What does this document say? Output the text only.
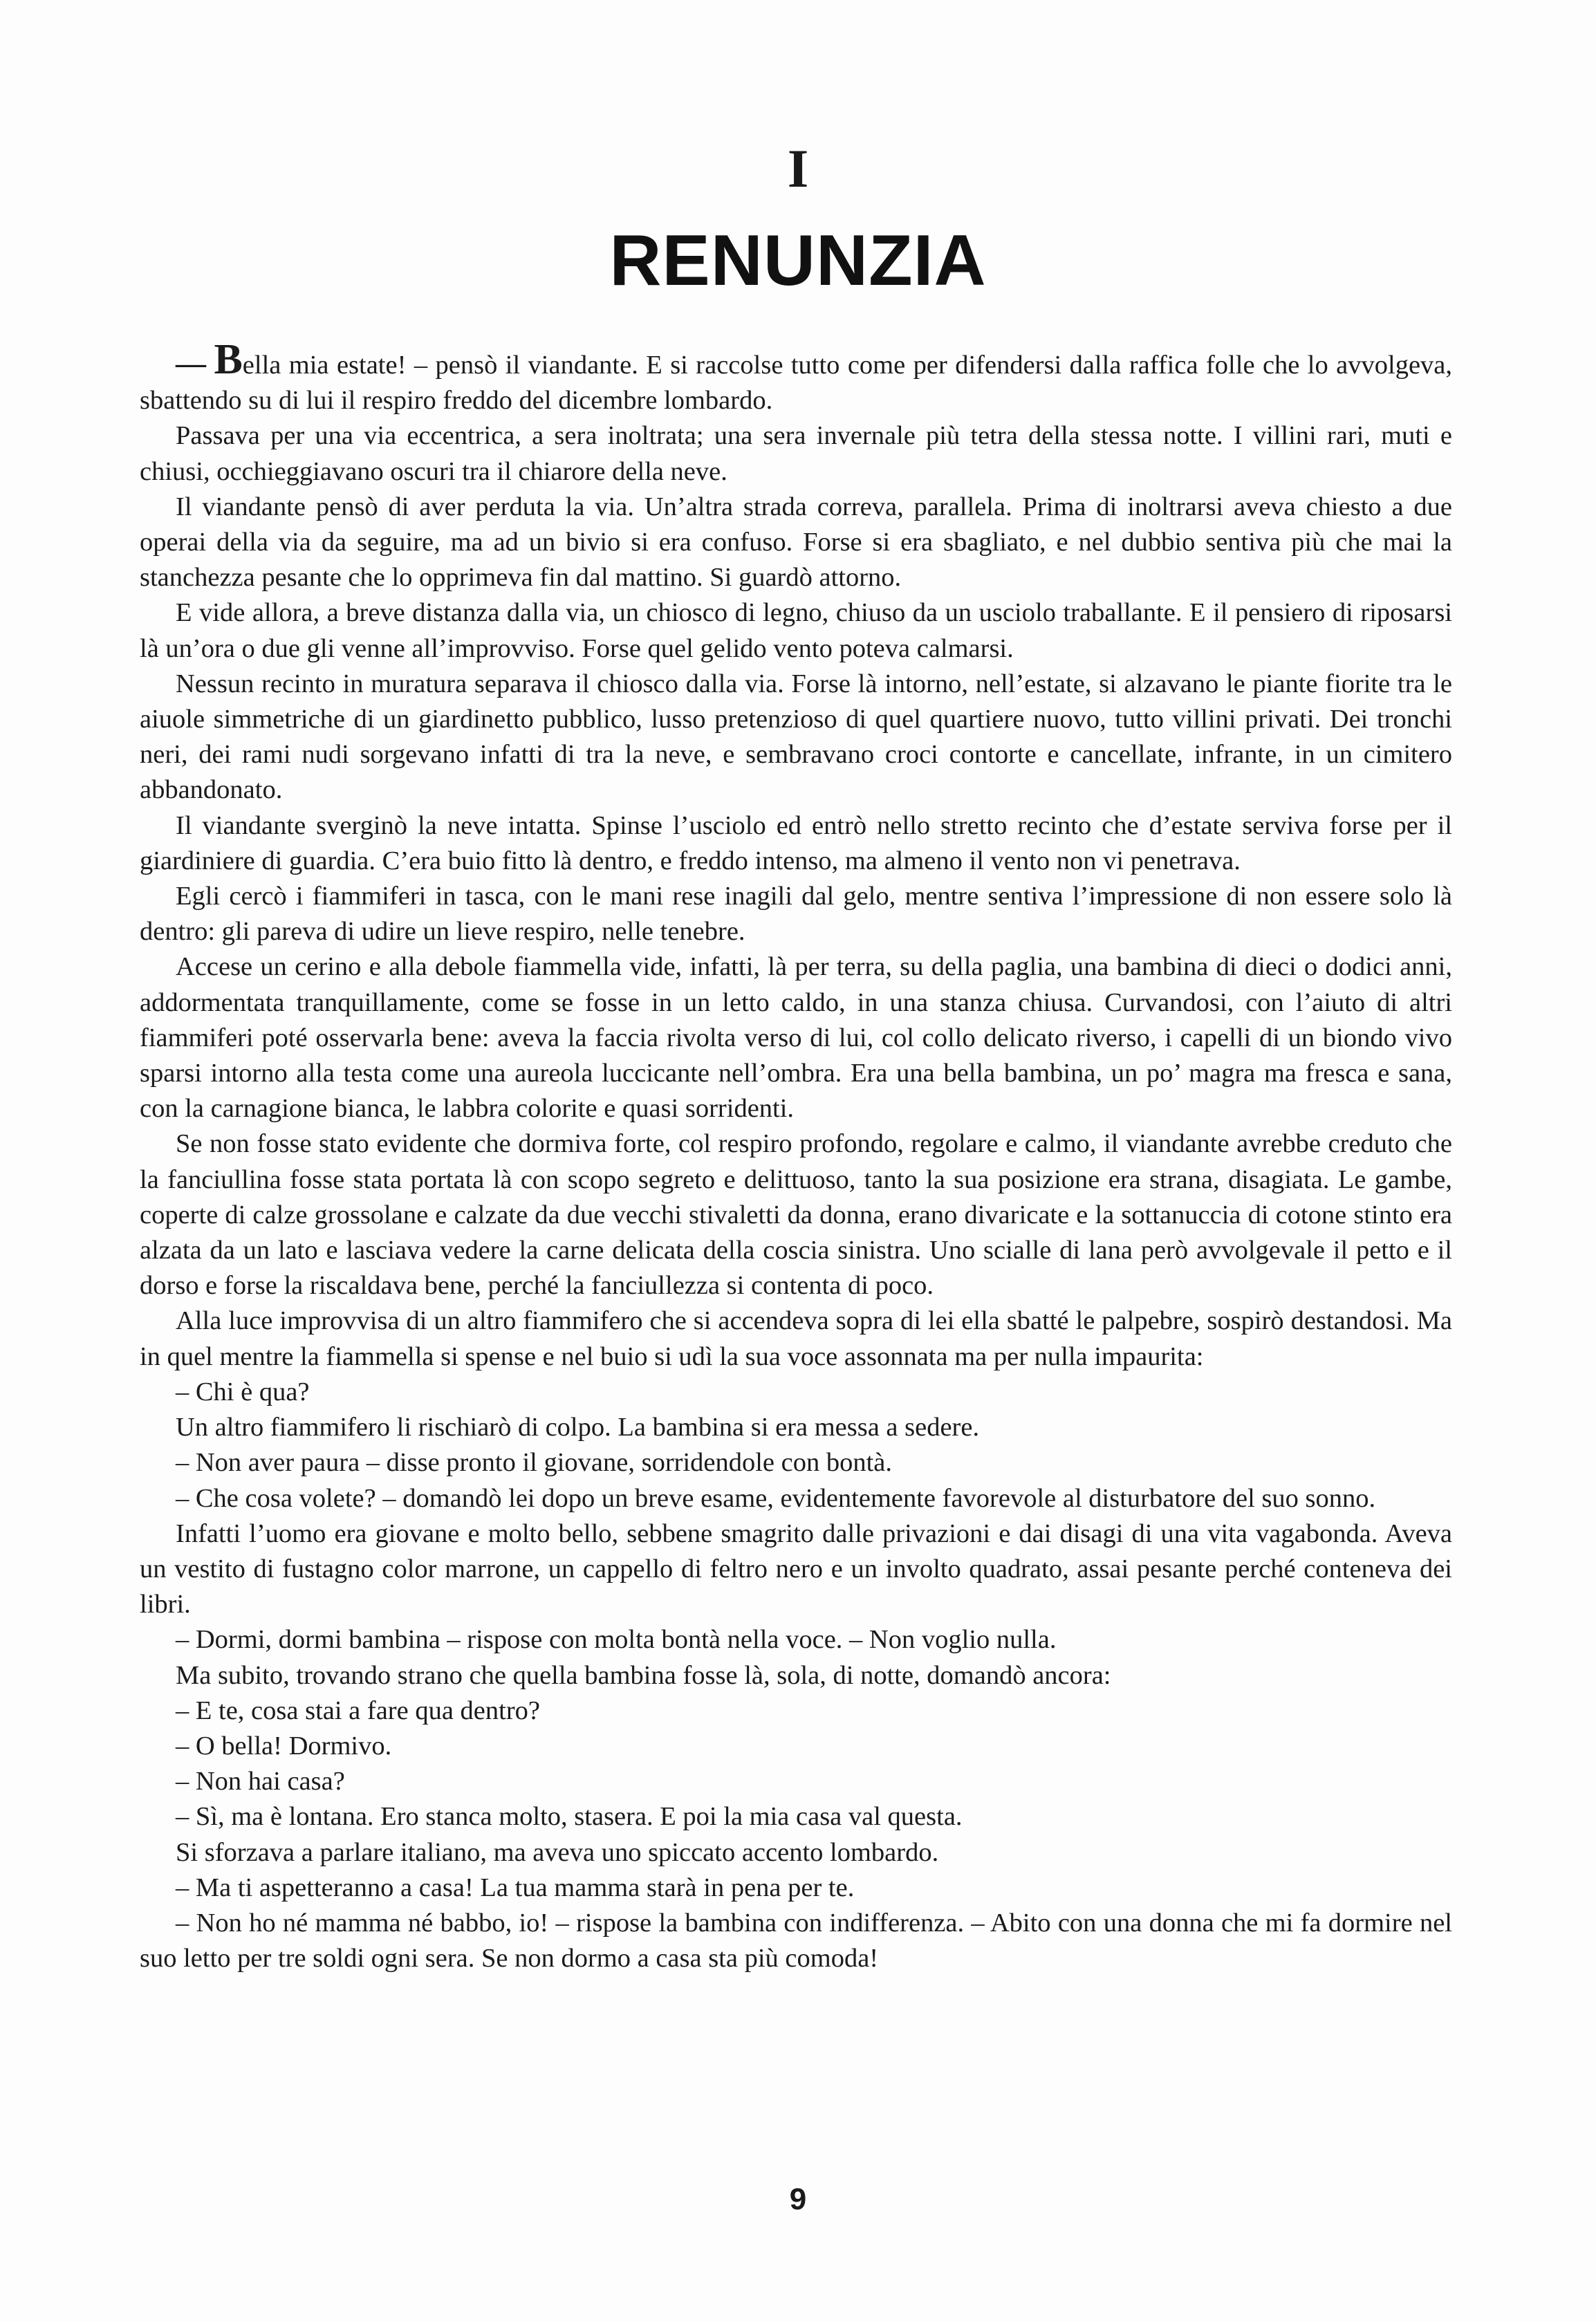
I
RENUNZIA

— Bella mia estate! – pensò il viandante. E si raccolse tutto come per difendersi dalla raffica folle che lo avvolgeva, sbattendo su di lui il respiro freddo del dicembre lombardo.

Passava per una via eccentrica, a sera inoltrata; una sera invernale più tetra della stessa notte. I villini rari, muti e chiusi, occhieggiavano oscuri tra il chiarore della neve.

Il viandante pensò di aver perduta la via. Un’altra strada correva, parallela. Prima di inoltrarsi aveva chiesto a due operai della via da seguire, ma ad un bivio si era confuso. Forse si era sbagliato, e nel dubbio sentiva più che mai la stanchezza pesante che lo opprimeva fin dal mattino. Si guardò attorno.

E vide allora, a breve distanza dalla via, un chiosco di legno, chiuso da un usciolo traballante. E il pensiero di riposarsi là un’ora o due gli venne all’improvviso. Forse quel gelido vento poteva calmarsi.

Nessun recinto in muratura separava il chiosco dalla via. Forse là intorno, nell’estate, si alzavano le piante fiorite tra le aiuole simmetriche di un giardinetto pubblico, lusso pretenzioso di quel quartiere nuovo, tutto villini privati. Dei tronchi neri, dei rami nudi sorgevano infatti di tra la neve, e sembravano croci contorte e cancellate, infrante, in un cimitero abbandonato.

Il viandante sverginò la neve intatta. Spinse l’usciolo ed entrò nello stretto recinto che d’estate serviva forse per il giardiniere di guardia. C’era buio fitto là dentro, e freddo intenso, ma almeno il vento non vi penetrava.

Egli cercò i fiammiferi in tasca, con le mani rese inagili dal gelo, mentre sentiva l’impressione di non essere solo là dentro: gli pareva di udire un lieve respiro, nelle tenebre.

Accese un cerino e alla debole fiammella vide, infatti, là per terra, su della paglia, una bambina di dieci o dodici anni, addormentata tranquillamente, come se fosse in un letto caldo, in una stanza chiusa. Curvandosi, con l’aiuto di altri fiammiferi poté osservarla bene: aveva la faccia rivolta verso di lui, col collo delicato riverso, i capelli di un biondo vivo sparsi intorno alla testa come una aureola luccicante nell’ombra. Era una bella bambina, un po’ magra ma fresca e sana, con la carnagione bianca, le labbra colorite e quasi sorridenti.

Se non fosse stato evidente che dormiva forte, col respiro profondo, regolare e calmo, il viandante avrebbe creduto che la fanciullina fosse stata portata là con scopo segreto e delittuoso, tanto la sua posizione era strana, disagiata. Le gambe, coperte di calze grossolane e calzate da due vecchi stivaletti da donna, erano divaricate e la sottanuccia di cotone stinto era alzata da un lato e lasciava vedere la carne delicata della coscia sinistra. Uno scialle di lana però avvolgevale il petto e il dorso e forse la riscaldava bene, perché la fanciullezza si contenta di poco.

Alla luce improvvisa di un altro fiammifero che si accendeva sopra di lei ella sbatté le palpebre, sospirò destandosi. Ma in quel mentre la fiammella si spense e nel buio si udì la sua voce assonnata ma per nulla impaurita:

– Chi è qua?

Un altro fiammifero li rischiarò di colpo. La bambina si era messa a sedere.

– Non aver paura – disse pronto il giovane, sorridendole con bontà.

– Che cosa volete? – domandò lei dopo un breve esame, evidentemente favorevole al disturbatore del suo sonno.

Infatti l’uomo era giovane e molto bello, sebbene smagrito dalle privazioni e dai disagi di una vita vagabonda. Aveva un vestito di fustagno color marrone, un cappello di feltro nero e un involto quadrato, assai pesante perché conteneva dei libri.

– Dormi, dormi bambina – rispose con molta bontà nella voce. – Non voglio nulla.

Ma subito, trovando strano che quella bambina fosse là, sola, di notte, domandò ancora:

– E te, cosa stai a fare qua dentro?

– O bella! Dormivo.

– Non hai casa?

– Sì, ma è lontana. Ero stanca molto, stasera. E poi la mia casa val questa.

Si sforzava a parlare italiano, ma aveva uno spiccato accento lombardo.

– Ma ti aspetteranno a casa! La tua mamma starà in pena per te.

– Non ho né mamma né babbo, io! – rispose la bambina con indifferenza. – Abito con una donna che mi fa dormire nel suo letto per tre soldi ogni sera. Se non dormo a casa sta più comoda!

9
